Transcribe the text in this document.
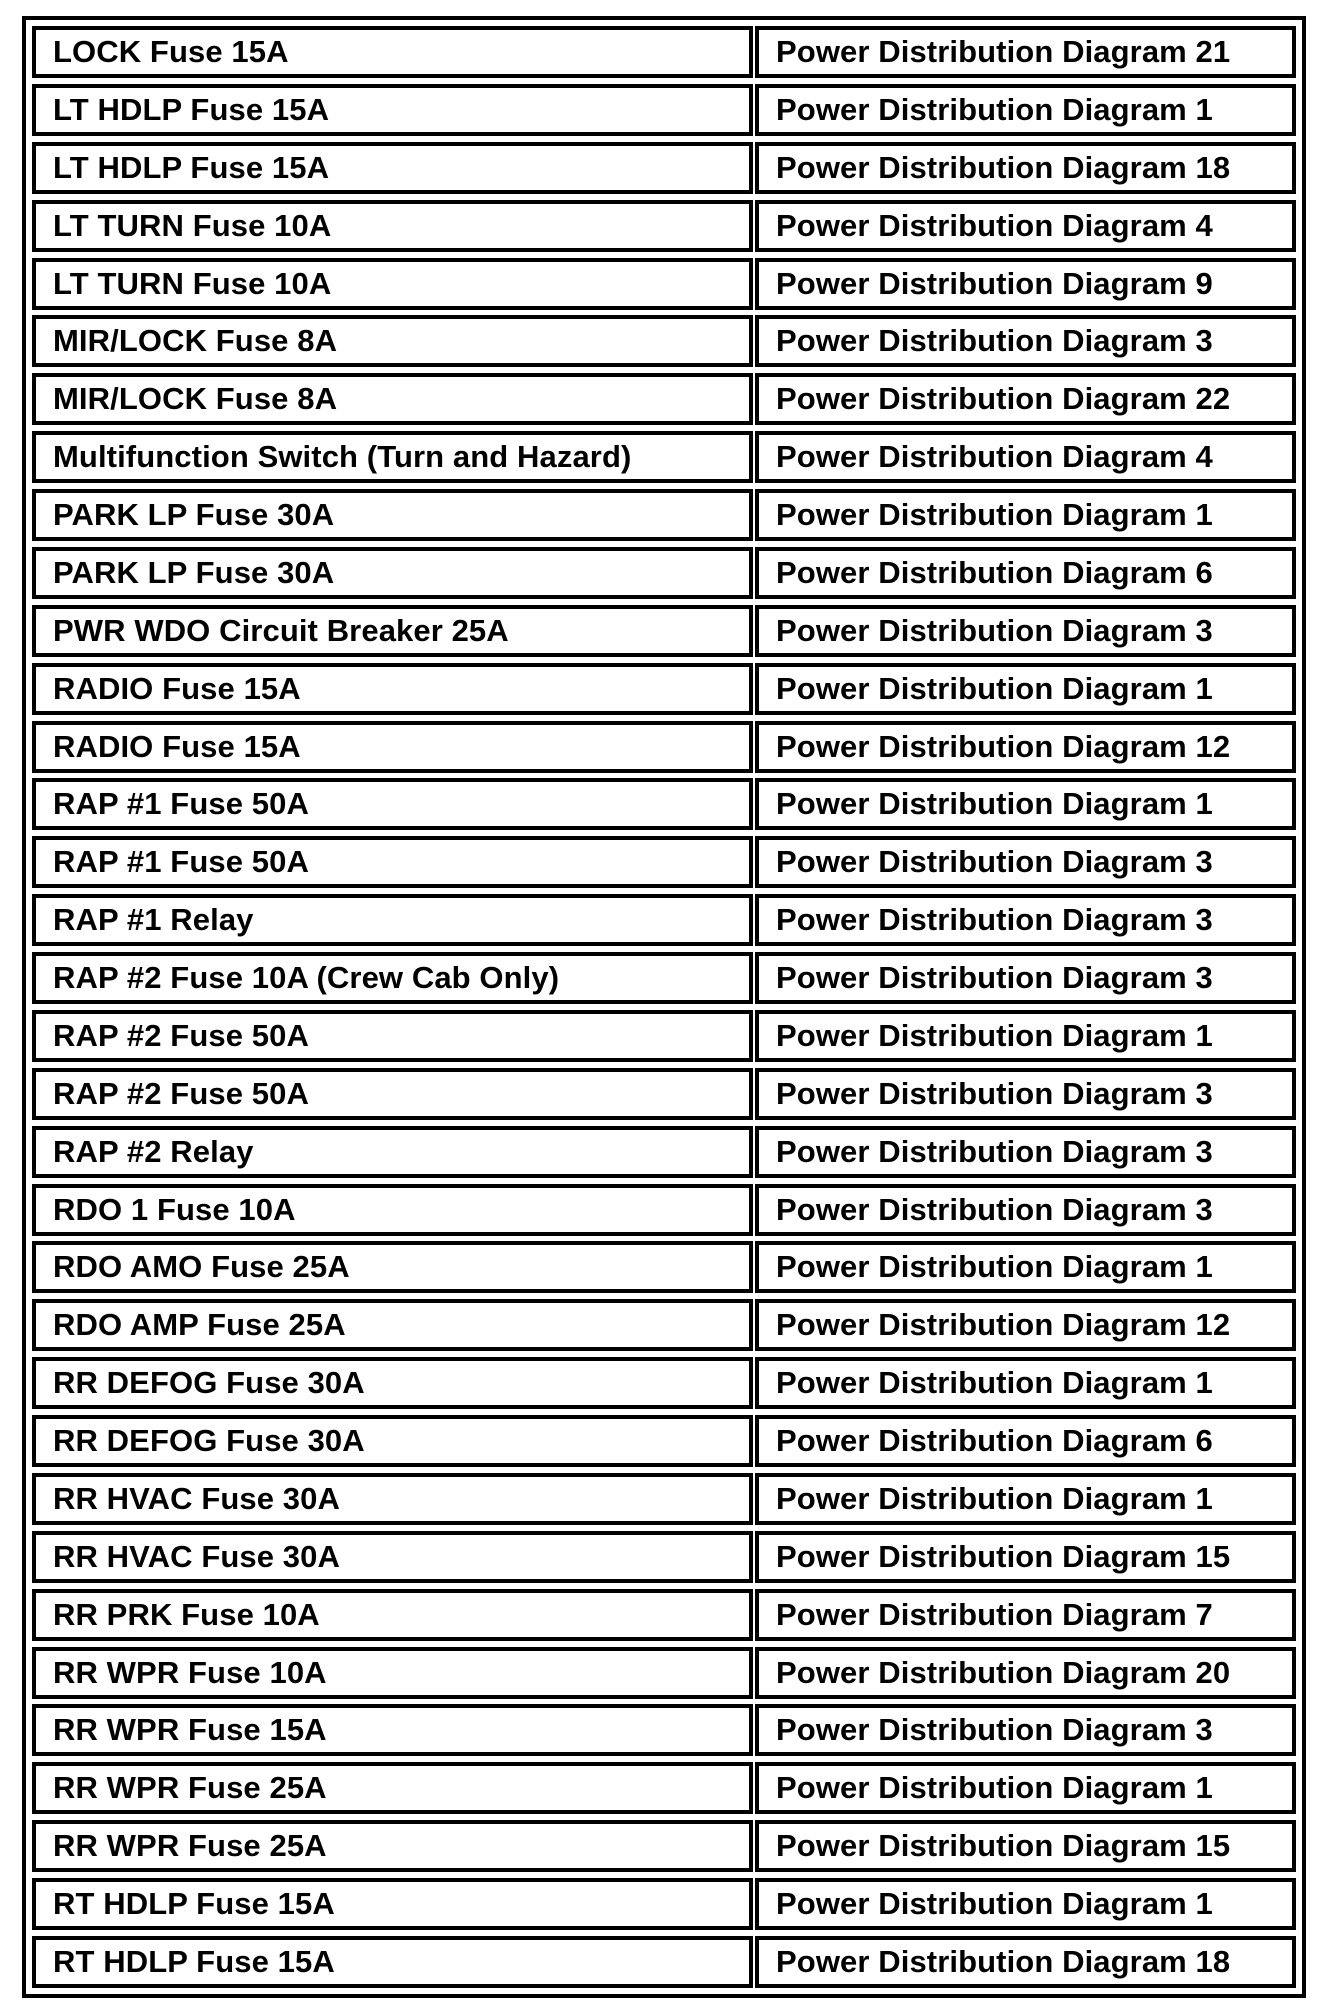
LOCK Fuse 15A	Power Distribution Diagram 21
LT HDLP Fuse 15A	Power Distribution Diagram 1
LT HDLP Fuse 15A	Power Distribution Diagram 18
LT TURN Fuse 10A	Power Distribution Diagram 4
LT TURN Fuse 10A	Power Distribution Diagram 9
MIR/LOCK Fuse 8A	Power Distribution Diagram 3
MIR/LOCK Fuse 8A	Power Distribution Diagram 22
Multifunction Switch (Turn and Hazard)	Power Distribution Diagram 4
PARK LP Fuse 30A	Power Distribution Diagram 1
PARK LP Fuse 30A	Power Distribution Diagram 6
PWR WDO Circuit Breaker 25A	Power Distribution Diagram 3
RADIO Fuse 15A	Power Distribution Diagram 1
RADIO Fuse 15A	Power Distribution Diagram 12
RAP #1 Fuse 50A	Power Distribution Diagram 1
RAP #1 Fuse 50A	Power Distribution Diagram 3
RAP #1 Relay	Power Distribution Diagram 3
RAP #2 Fuse 10A (Crew Cab Only)	Power Distribution Diagram 3
RAP #2 Fuse 50A	Power Distribution Diagram 1
RAP #2 Fuse 50A	Power Distribution Diagram 3
RAP #2 Relay	Power Distribution Diagram 3
RDO 1 Fuse 10A	Power Distribution Diagram 3
RDO AMO Fuse 25A	Power Distribution Diagram 1
RDO AMP Fuse 25A	Power Distribution Diagram 12
RR DEFOG Fuse 30A	Power Distribution Diagram 1
RR DEFOG Fuse 30A	Power Distribution Diagram 6
RR HVAC Fuse 30A	Power Distribution Diagram 1
RR HVAC Fuse 30A	Power Distribution Diagram 15
RR PRK Fuse 10A	Power Distribution Diagram 7
RR WPR Fuse 10A	Power Distribution Diagram 20
RR WPR Fuse 15A	Power Distribution Diagram 3
RR WPR Fuse 25A	Power Distribution Diagram 1
RR WPR Fuse 25A	Power Distribution Diagram 15
RT HDLP Fuse 15A	Power Distribution Diagram 1
RT HDLP Fuse 15A	Power Distribution Diagram 18
